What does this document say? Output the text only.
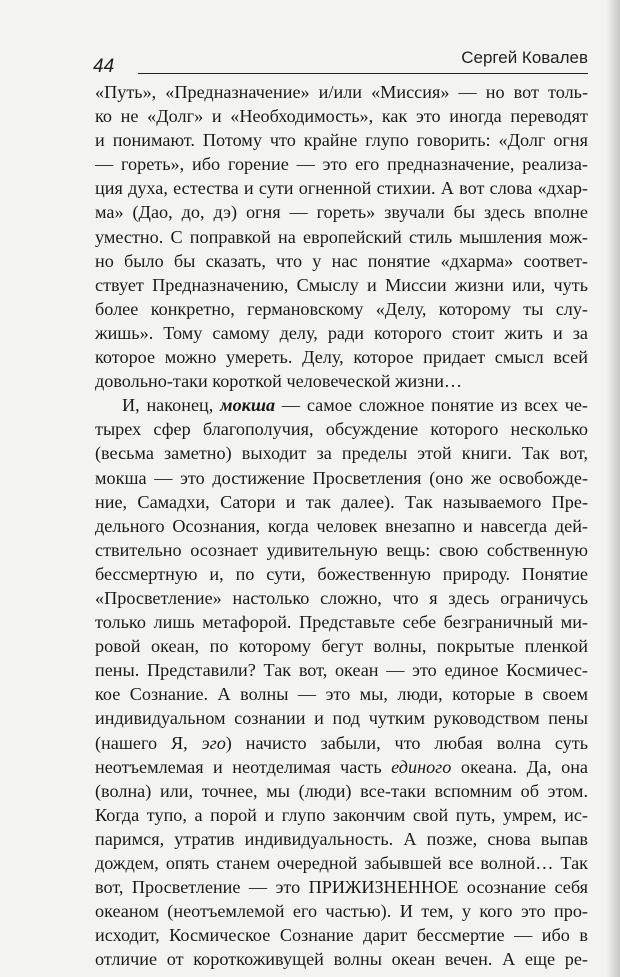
44	Сергей Ковалев
«Путь», «Предназначение» и/или «Миссия» — но вот толь-
ко не «Долг» и «Необходимость», как это иногда переводят
и понимают. Потому что крайне глупо говорить: «Долг огня
— гореть», ибо горение — это его предназначение, реализа-
ция духа, естества и сути огненной стихии. А вот слова «дхар-
ма» (Дао, до, дэ) огня — гореть» звучали бы здесь вполне
уместно. С поправкой на европейский стиль мышления мож-
но было бы сказать, что у нас понятие «дхарма» соответ-
ствует Предназначению, Смыслу и Миссии жизни или, чуть
более конкретно, германовскому «Делу, которому ты слу-
жишь». Тому самому делу, ради которого стоит жить и за
которое можно умереть. Делу, которое придает смысл всей
довольно-таки короткой человеческой жизни…
И, наконец, мокша — самое сложное понятие из всех че-
тырех сфер благополучия, обсуждение которого несколько
(весьма заметно) выходит за пределы этой книги. Так вот,
мокша — это достижение Просветления (оно же освобожде-
ние, Самадхи, Сатори и так далее). Так называемого Пре-
дельного Осознания, когда человек внезапно и навсегда дей-
ствительно осознает удивительную вещь: свою собственную
бессмертную и, по сути, божественную природу. Понятие
«Просветление» настолько сложно, что я здесь ограничусь
только лишь метафорой. Представьте себе безграничный ми-
ровой океан, по которому бегут волны, покрытые пленкой
пены. Представили? Так вот, океан — это единое Космичес-
кое Сознание. А волны — это мы, люди, которые в своем
индивидуальном сознании и под чутким руководством пены
(нашего Я, эго) начисто забыли, что любая волна суть
неотъемлемая и неотделимая часть единого океана. Да, она
(волна) или, точнее, мы (люди) все-таки вспомним об этом.
Когда тупо, а порой и глупо закончим свой путь, умрем, ис-
паримся, утратив индивидуальность. А позже, снова выпав
дождем, опять станем очередной забывшей все волной… Так
вот, Просветление — это ПРИЖИЗНЕННОЕ осознание себя
океаном (неотъемлемой его частью). И тем, у кого это про-
исходит, Космическое Сознание дарит бессмертие — ибо в
отличие от короткоживущей волны океан вечен. А еще ре-
